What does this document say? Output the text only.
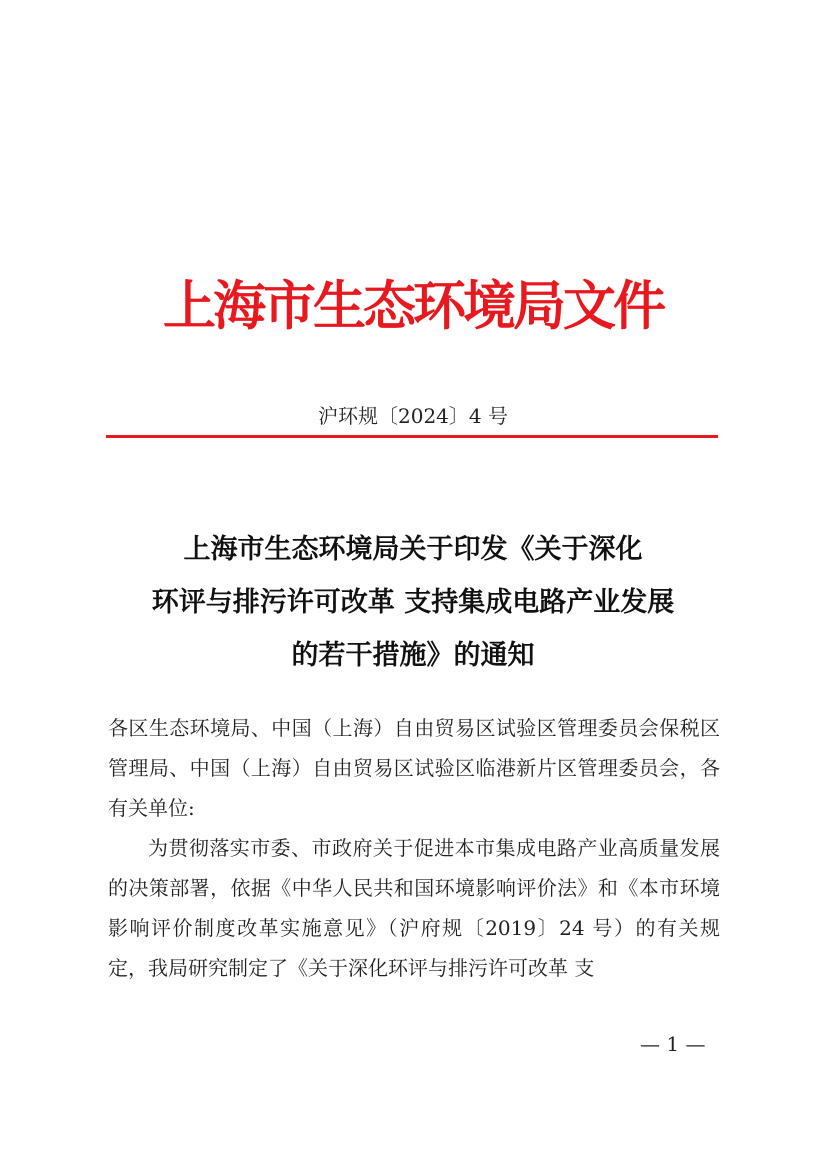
上海市生态环境局文件
沪环规〔2024〕4 号
上海市生态环境局关于印发《关于深化
环评与排污许可改革 支持集成电路产业发展
的若干措施》的通知

各区生态环境局、中国（上海）自由贸易区试验区管理委员会保税区管理局、中国（上海）自由贸易区试验区临港新片区管理委员会，各有关单位:

为贯彻落实市委、市政府关于促进本市集成电路产业高质量发展的决策部署，依据《中华人民共和国环境影响评价法》和《本市环境影响评价制度改革实施意见》（沪府规〔2019〕24 号）的有关规定，我局研究制定了《关于深化环评与排污许可改革 支

— 1 —
